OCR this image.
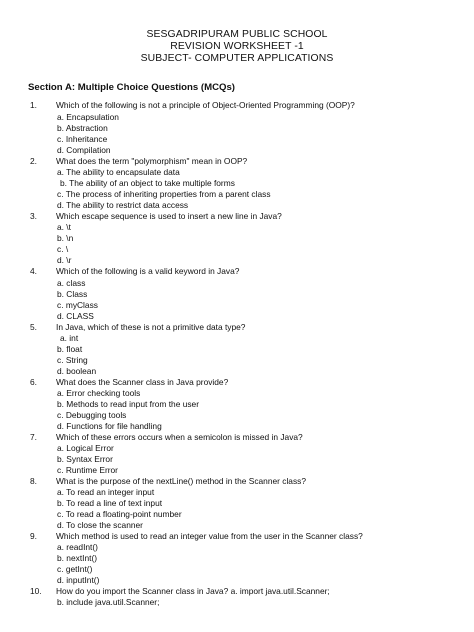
SESGADRIPURAM PUBLIC SCHOOL
REVISION WORKSHEET -1
SUBJECT- COMPUTER APPLICATIONS
Section A: Multiple Choice Questions (MCQs)
1. Which of the following is not a principle of Object-Oriented Programming (OOP)?
a. Encapsulation
b. Abstraction
c. Inheritance
d. Compilation
2. What does the term "polymorphism" mean in OOP?
a. The ability to encapsulate data
b. The ability of an object to take multiple forms
c. The process of inheriting properties from a parent class
d. The ability to restrict data access
3. Which escape sequence is used to insert a new line in Java?
a. \t
b. \n
c. \
d. \r
4. Which of the following is a valid keyword in Java?
a. class
b. Class
c. myClass
d. CLASS
5. In Java, which of these is not a primitive data type?
a. int
b. float
c. String
d. boolean
6. What does the Scanner class in Java provide?
a. Error checking tools
b. Methods to read input from the user
c. Debugging tools
d. Functions for file handling
7. Which of these errors occurs when a semicolon is missed in Java?
a. Logical Error
b. Syntax Error
c. Runtime Error
8. What is the purpose of the nextLine() method in the Scanner class?
a. To read an integer input
b. To read a line of text input
c. To read a floating-point number
d. To close the scanner
9. Which method is used to read an integer value from the user in the Scanner class?
a. readInt()
b. nextInt()
c. getInt()
d. inputInt()
10. How do you import the Scanner class in Java? a. import java.util.Scanner;
b. include java.util.Scanner;
